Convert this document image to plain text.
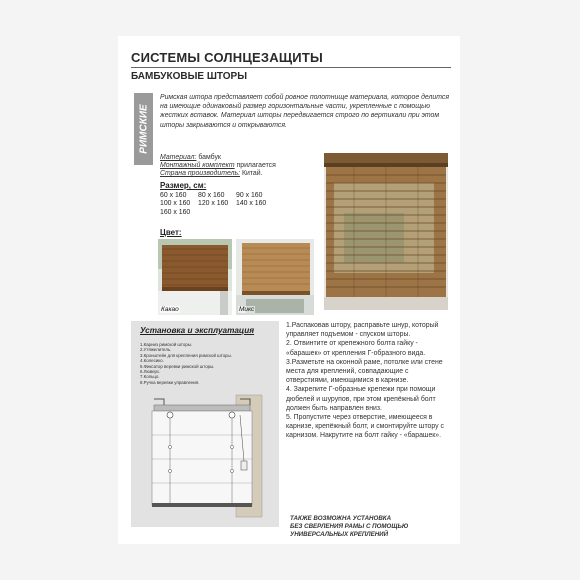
СИСТЕМЫ СОЛНЦЕЗАЩИТЫ
БАМБУКОВЫЕ ШТОРЫ
РИМСКИЕ
Римская штора представляет собой ровное полотнище материала, которое делится на имеющие одинаковый размер горизонтальные части, укрепленные с помощью жестких вставок. Материал шторы передвигается строго по вертикали при этом шторы закрываются и открываются.
Материал: бамбук
Монтажный комплект прилагается
Страна производитель: Китай.
Размер, см:
60 x 160	80 x 160	90 x 160
100 x 160	120 x 160	140 x 160
160 x 160
Цвет:
Какао	Микс
Установка и эксплуатация
1.Карниз римской шторы.
2.Утяжелитель.
3.Кронштейн для крепления римской шторы.
4.Колесико.
5.Фиксатор веревки римской шторы.
6.Люверс.
7.Кольцо.
8.Ручка веревки управления.

1.Распаковав штору, расправьте шнур, который управляет подъемом - спуском шторы.

2. Отвинтите от крепежного болта гайку - «барашек» от крепления Г-образного вида.

3.Разметьте на оконной раме, потолке или стене места для креплений, совпадающие с отверстиями, имеющимися в карнизе.

4. Закрепите Г-образные крепежи при помощи дюбелей и шурупов, при этом крепёжный болт должен быть направлен вниз.

5. Пропустите через отверстие, имеющееся в карнизе, крепёжный болт, и смонтируйте штору с карнизом. Накрутите на болт гайку - «барашек».

ТАКЖЕ ВОЗМОЖНА УСТАНОВКА
БЕЗ СВЕРЛЕНИЯ РАМЫ С ПОМОЩЬЮ
УНИВЕРСАЛЬНЫХ КРЕПЛЕНИЙ
